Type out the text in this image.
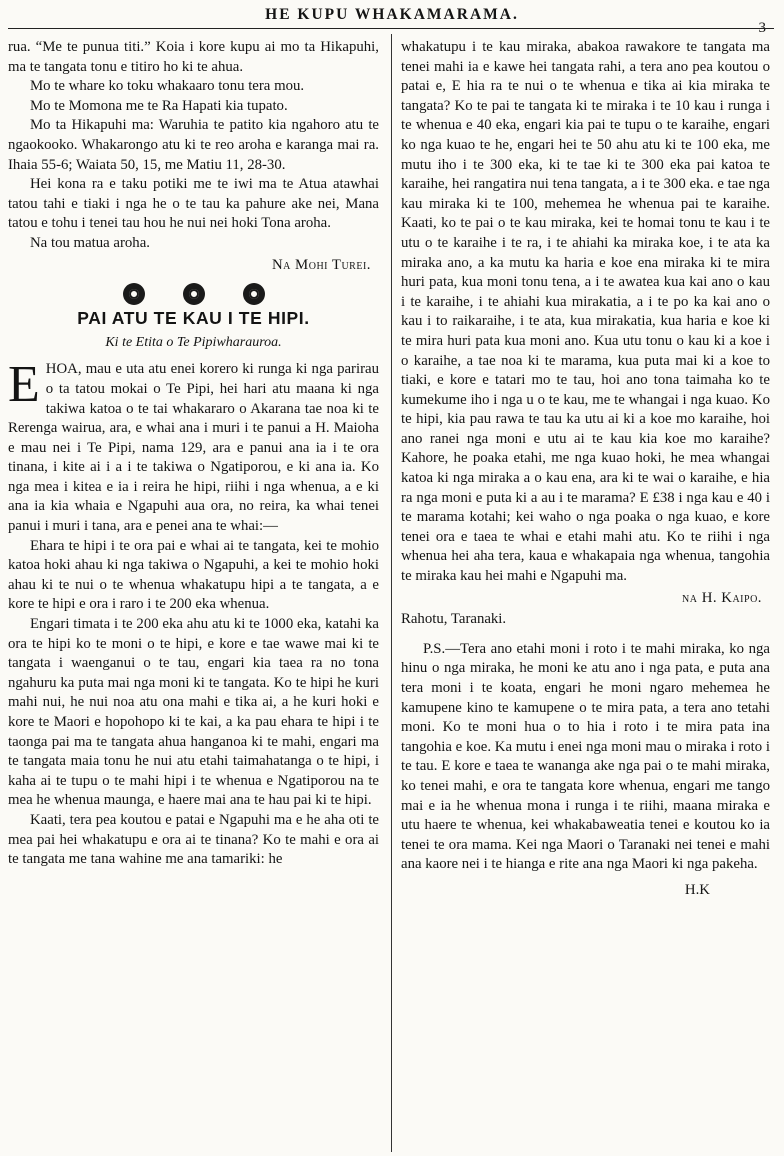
HE KUPU WHAKAMARAMA.
3

rua. “Me te punua titi.” Koia i kore kupu ai mo ta Hikapuhi, ma te tangata tonu e titiro ho ki te ahua.

Mo te whare ko toku whakaaro tonu tera mou.

Mo te Momona me te Ra Hapati kia tupato.

Mo ta Hikapuhi ma: Waruhia te patito kia ngahoro atu te ngaokooko. Whakarongo atu ki te reo aroha e karanga mai ra. Ihaia 55-6; Waiata 50, 15, me Matiu 11, 28-30.

Hei kona ra e taku potiki me te iwi ma te Atua atawhai tatou tahi e tiaki i nga he o te tau ka pahure ake nei, Mana tatou e tohu i tenei tau hou he nui nei hoki Tona aroha.

Na tou matua aroha.

Na Mohi Turei.

PAI ATU TE KAU I TE HIPI.
Ki te Etita o Te Pipiwharauroa.

EHOA, mau e uta atu enei korero ki runga ki nga parirau o ta tatou mokai o Te Pipi, hei hari atu maana ki nga takiwa katoa o te tai whakararo o Akarana tae noa ki te Rerenga wairua, ara, e whai ana i muri i te panui a H. Maioha e mau nei i Te Pipi, nama 129, ara e panui ana ia i te ora tinana, i kite ai i a i te takiwa o Ngatiporou, e ki ana ia. Ko nga mea i kitea e ia i reira he hipi, riihi i nga whenua, a e ki ana ia kia whaia e Ngapuhi aua ora, no reira, ka whai tenei panui i muri i tana, ara e penei ana te whai:—

Ehara te hipi i te ora pai e whai ai te tangata, kei te mohio katoa hoki ahau ki nga takiwa o Ngapuhi, a kei te mohio hoki ahau ki te nui o te whenua whakatupu hipi a te tangata, a e kore te hipi e ora i raro i te 200 eka whenua.

Engari timata i te 200 eka ahu atu ki te 1000 eka, katahi ka ora te hipi ko te moni o te hipi, e kore e tae wawe mai ki te tangata i waenganui o te tau, engari kia taea ra no tona ngahuru ka puta mai nga moni ki te tangata. Ko te hipi he kuri mahi nui, he nui noa atu ona mahi e tika ai, a he kuri hoki e kore te Maori e hopohopo ki te kai, a ka pau ehara te hipi i te taonga pai ma te tangata ahua hanganoa ki te mahi, engari ma te tangata maia tonu he nui atu etahi taimahatanga o te hipi, i kaha ai te tupu o te mahi hipi i te whenua e Ngatiporou na te mea he whenua maunga, e haere mai ana te hau pai ki te hipi.

Kaati, tera pea koutou e patai e Ngapuhi ma e he aha oti te mea pai hei whakatupu e ora ai te tinana? Ko te mahi e ora ai te tangata me tana wahine me ana tamariki: he

whakatupu i te kau miraka, abakoa rawakore te tangata ma tenei mahi ia e kawe hei tangata rahi, a tera ano pea koutou o patai e, E hia ra te nui o te whenua e tika ai kia miraka te tangata? Ko te pai te tangata ki te miraka i te 10 kau i runga i te whenua e 40 eka, engari kia pai te tupu o te karaihe, engari ko nga kuao te he, engari hei te 50 ahu atu ki te 100 eka, me mutu iho i te 300 eka, ki te tae ki te 300 eka pai katoa te karaihe, hei rangatira nui tena tangata, a i te 300 eka. e tae nga kau miraka ki te 100, mehemea he whenua pai te karaihe. Kaati, ko te pai o te kau miraka, kei te homai tonu te kau i te utu o te karaihe i te ra, i te ahiahi ka miraka koe, i te ata ka miraka ano, a ka mutu ka haria e koe ena miraka ki te mira huri pata, kua moni tonu tena, a i te awatea kua kai ano o kau i te karaihe, i te ahiahi kua mirakatia, a i te po ka kai ano o kau i to raikaraihe, i te ata, kua mirakatia, kua haria e koe ki te mira huri pata kua moni ano. Kua utu tonu o kau ki a koe i o karaihe, a tae noa ki te marama, kua puta mai ki a koe to tiaki, e kore e tatari mo te tau, hoi ano tona taimaha ko te kumekume iho i nga u o te kau, me te whangai i nga kuao. Ko te hipi, kia pau rawa te tau ka utu ai ki a koe mo karaihe, hoi ano ranei nga moni e utu ai te kau kia koe mo karaihe? Kahore, he poaka etahi, me nga kuao hoki, he mea whangai katoa ki nga miraka a o kau ena, ara ki te wai o karaihe, e hia ra nga moni e puta ki a au i te marama? E £38 i nga kau e 40 i te marama kotahi; kei waho o nga poaka o nga kuao, e kore tenei ora e taea te whai e etahi mahi atu. Ko te riihi i nga whenua hei aha tera, kaua e whakapaia nga whenua, tangohia te miraka kau hei mahi e Ngapuhi ma.

na H. Kaipo.

Rahotu, Taranaki.

P.S.—Tera ano etahi moni i roto i te mahi miraka, ko nga hinu o nga miraka, he moni ke atu ano i nga pata, e puta ana tera moni i te koata, engari he moni ngaro mehemea he kamupene kino te kamupene o te mira pata, a tera ano tetahi moni. Ko te moni hua o to hia i roto i te mira pata ina tangohia e koe. Ka mutu i enei nga moni mau o miraka i roto i te tau. E kore e taea te wananga ake nga pai o te mahi miraka, ko tenei mahi, e ora te tangata kore whenua, engari me tango mai e ia he whenua mona i runga i te riihi, maana miraka e utu haere te whenua, kei whakabaweatia tenei e koutou ko ia tenei te ora mama. Kei nga Maori o Taranaki nei tenei e mahi ana kaore nei i te hianga e rite ana nga Maori ki nga pakeha.

H.K
